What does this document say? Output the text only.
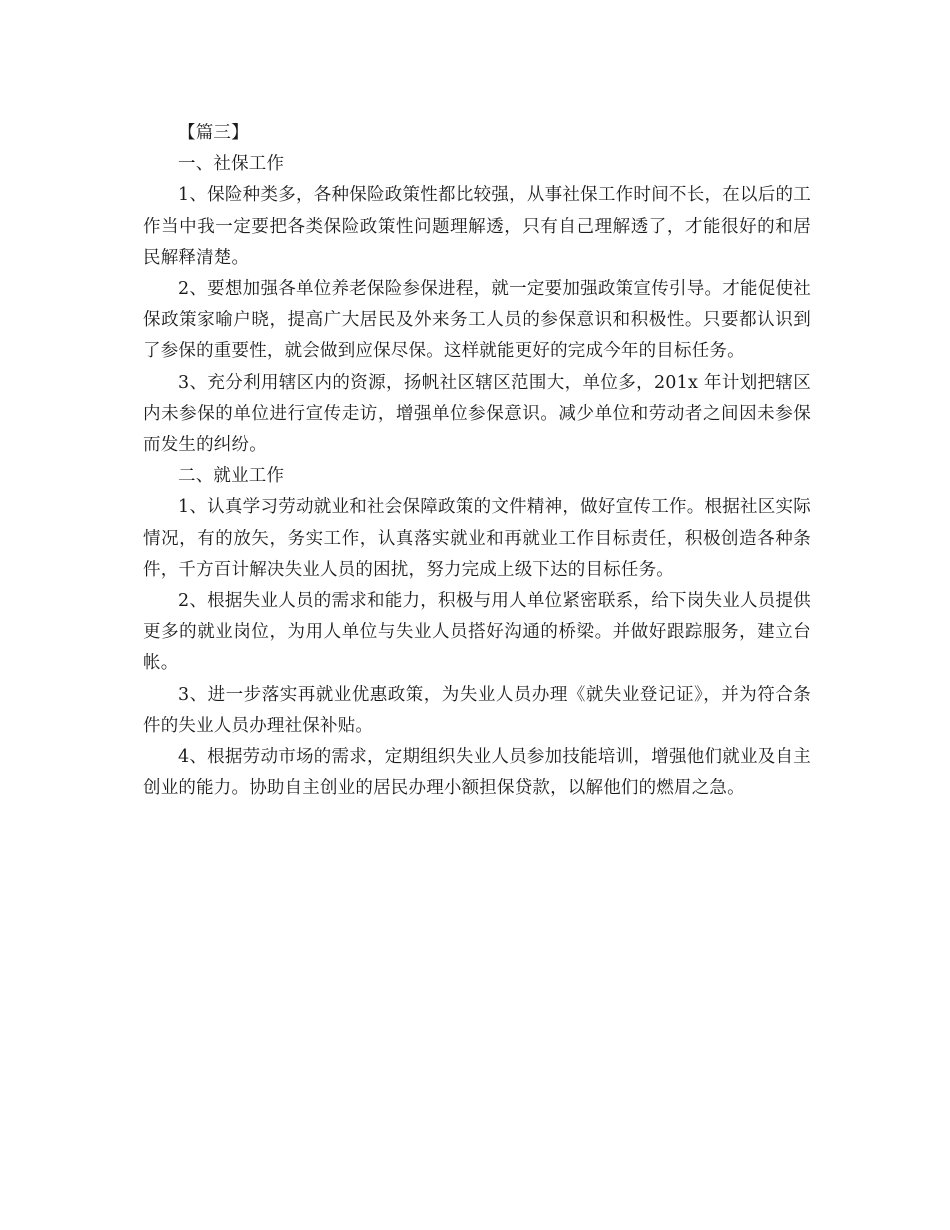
【篇三】

一、社保工作

1、保险种类多，各种保险政策性都比较强，从事社保工作时间不长，在以后的工作当中我一定要把各类保险政策性问题理解透，只有自己理解透了，才能很好的和居民解释清楚。

2、要想加强各单位养老保险参保进程，就一定要加强政策宣传引导。才能促使社保政策家喻户晓，提高广大居民及外来务工人员的参保意识和积极性。只要都认识到了参保的重要性，就会做到应保尽保。这样就能更好的完成今年的目标任务。

3、充分利用辖区内的资源，扬帆社区辖区范围大，单位多，201x 年计划把辖区内未参保的单位进行宣传走访，增强单位参保意识。减少单位和劳动者之间因未参保而发生的纠纷。

二、就业工作

1、认真学习劳动就业和社会保障政策的文件精神，做好宣传工作。根据社区实际情况，有的放矢，务实工作，认真落实就业和再就业工作目标责任，积极创造各种条件，千方百计解决失业人员的困扰，努力完成上级下达的目标任务。

2、根据失业人员的需求和能力，积极与用人单位紧密联系，给下岗失业人员提供更多的就业岗位，为用人单位与失业人员搭好沟通的桥梁。并做好跟踪服务，建立台帐。

3、进一步落实再就业优惠政策，为失业人员办理《就失业登记证》，并为符合条件的失业人员办理社保补贴。

4、根据劳动市场的需求，定期组织失业人员参加技能培训，增强他们就业及自主创业的能力。协助自主创业的居民办理小额担保贷款，以解他们的燃眉之急。
